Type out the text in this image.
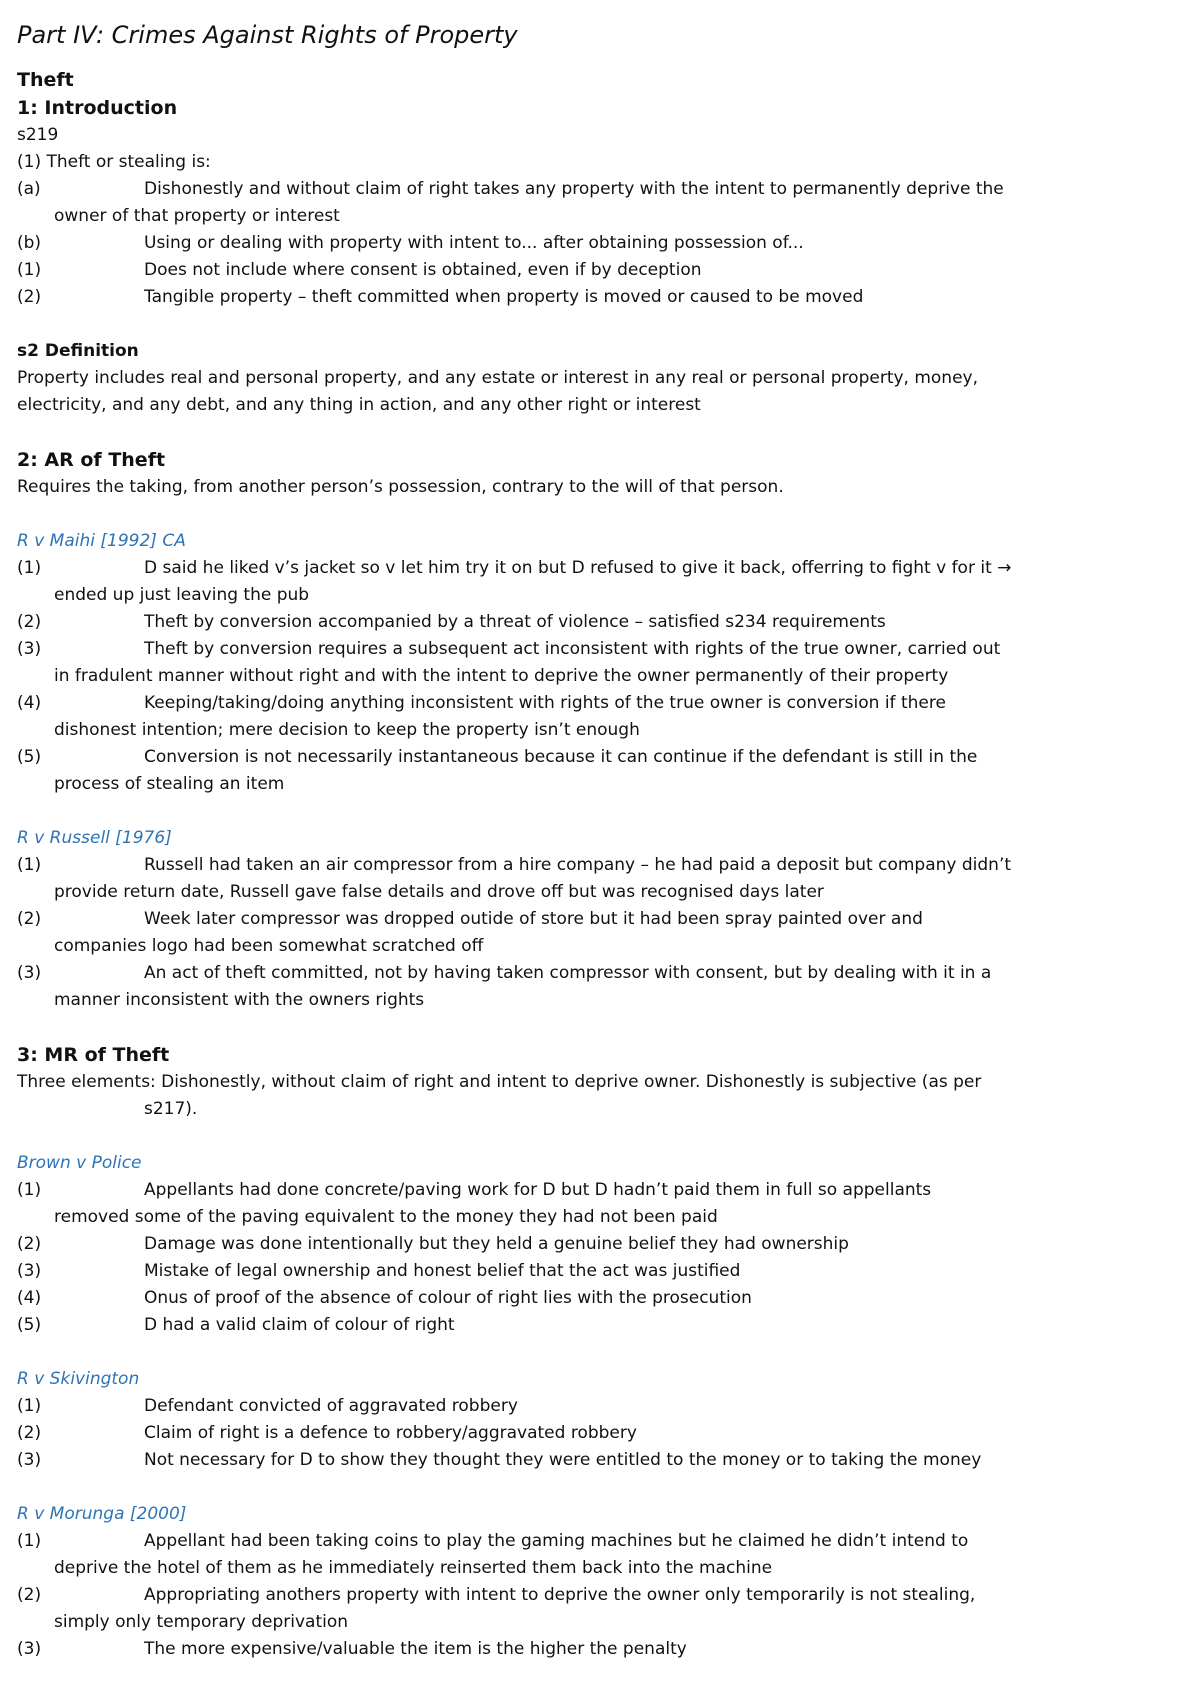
Part IV: Crimes Against Rights of Property

Theft

1: Introduction

s219

(1) Theft or stealing is:

(a)	Dishonestly and without claim of right takes any property with the intent to permanently deprive the

owner of that property or interest

(b)	Using or dealing with property with intent to... after obtaining possession of...
(1)	Does not include where consent is obtained, even if by deception
(2)	Tangible property – theft committed when property is moved or caused to be moved

s2 Definition

Property includes real and personal property, and any estate or interest in any real or personal property, money,

electricity, and any debt, and any thing in action, and any other right or interest

2: AR of Theft

Requires the taking, from another person’s possession, contrary to the will of that person.

R v Maihi [1992] CA

(1)	D said he liked v’s jacket so v let him try it on but D refused to give it back, offerring to fight v for it →

ended up just leaving the pub

(2)	Theft by conversion accompanied by a threat of violence – satisfied s234 requirements
(3)	Theft by conversion requires a subsequent act inconsistent with rights of the true owner, carried out

in fradulent manner without right and with the intent to deprive the owner permanently of their property

(4)	Keeping/taking/doing anything inconsistent with rights of the true owner is conversion if there

dishonest intention; mere decision to keep the property isn’t enough

(5)	Conversion is not necessarily instantaneous because it can continue if the defendant is still in the

process of stealing an item

R v Russell [1976]

(1)	Russell had taken an air compressor from a hire company – he had paid a deposit but company didn’t

provide return date, Russell gave false details and drove off but was recognised days later

(2)	Week later compressor was dropped outide of store but it had been spray painted over and

companies logo had been somewhat scratched off

(3)	An act of theft committed, not by having taken compressor with consent, but by dealing with it in a

manner inconsistent with the owners rights

3: MR of Theft

Three elements: Dishonestly, without claim of right and intent to deprive owner. Dishonestly is subjective (as per

s217).

Brown v Police

(1)	Appellants had done concrete/paving work for D but D hadn’t paid them in full so appellants

removed some of the paving equivalent to the money they had not been paid

(2)	Damage was done intentionally but they held a genuine belief they had ownership
(3)	Mistake of legal ownership and honest belief that the act was justified
(4)	Onus of proof of the absence of colour of right lies with the prosecution
(5)	D had a valid claim of colour of right

R v Skivington

(1)	Defendant convicted of aggravated robbery
(2)	Claim of right is a defence to robbery/aggravated robbery
(3)	Not necessary for D to show they thought they were entitled to the money or to taking the money

R v Morunga [2000]

(1)	Appellant had been taking coins to play the gaming machines but he claimed he didn’t intend to

deprive the hotel of them as he immediately reinserted them back into the machine

(2)	Appropriating anothers property with intent to deprive the owner only temporarily is not stealing,

simply only temporary deprivation

(3)	The more expensive/valuable the item is the higher the penalty
